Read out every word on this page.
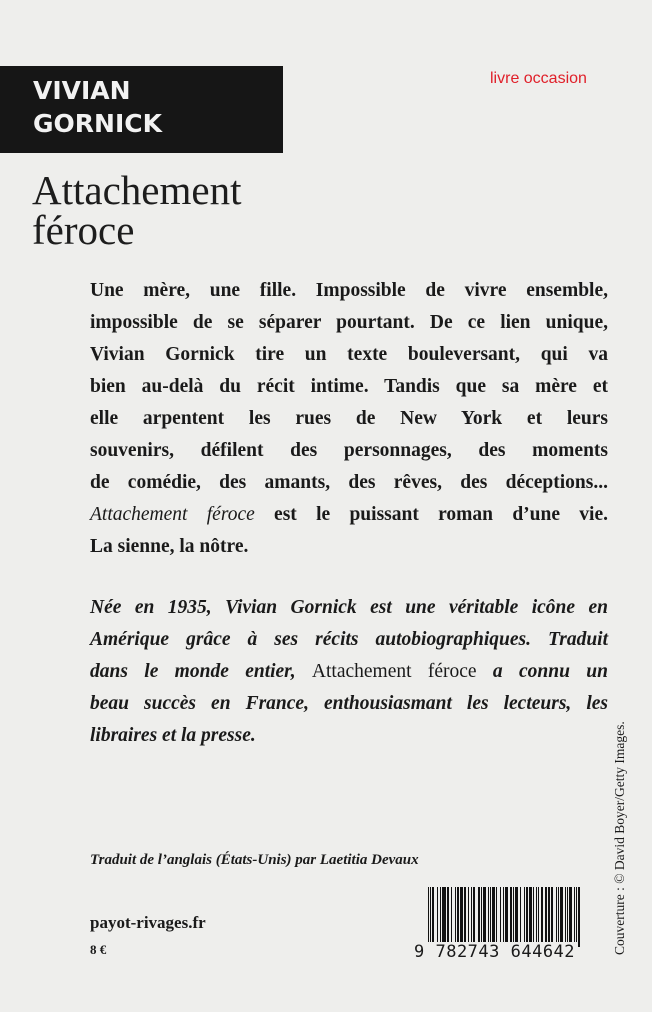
VIVIAN
GORNICK
Attachement
féroce
livre occasion
Une mère, une fille. Impossible de vivre ensemble,
impossible de se séparer pourtant. De ce lien unique,
Vivian Gornick tire un texte bouleversant, qui va
bien au-delà du récit intime. Tandis que sa mère et
elle arpentent les rues de New York et leurs
souvenirs, défilent des personnages, des moments
de comédie, des amants, des rêves, des déceptions...
Attachement féroce est le puissant roman d’une vie.
La sienne, la nôtre.
Née en 1935, Vivian Gornick est une véritable icône en
Amérique grâce à ses récits autobiographiques. Traduit
dans le monde entier, Attachement féroce a connu un
beau succès en France, enthousiasmant les lecteurs, les
libraires et la presse.
Traduit de l’anglais (États-Unis) par Laetitia Devaux
payot-rivages.fr
8 €	9 782743 644642	Couverture : © David Boyer/Getty Images.
